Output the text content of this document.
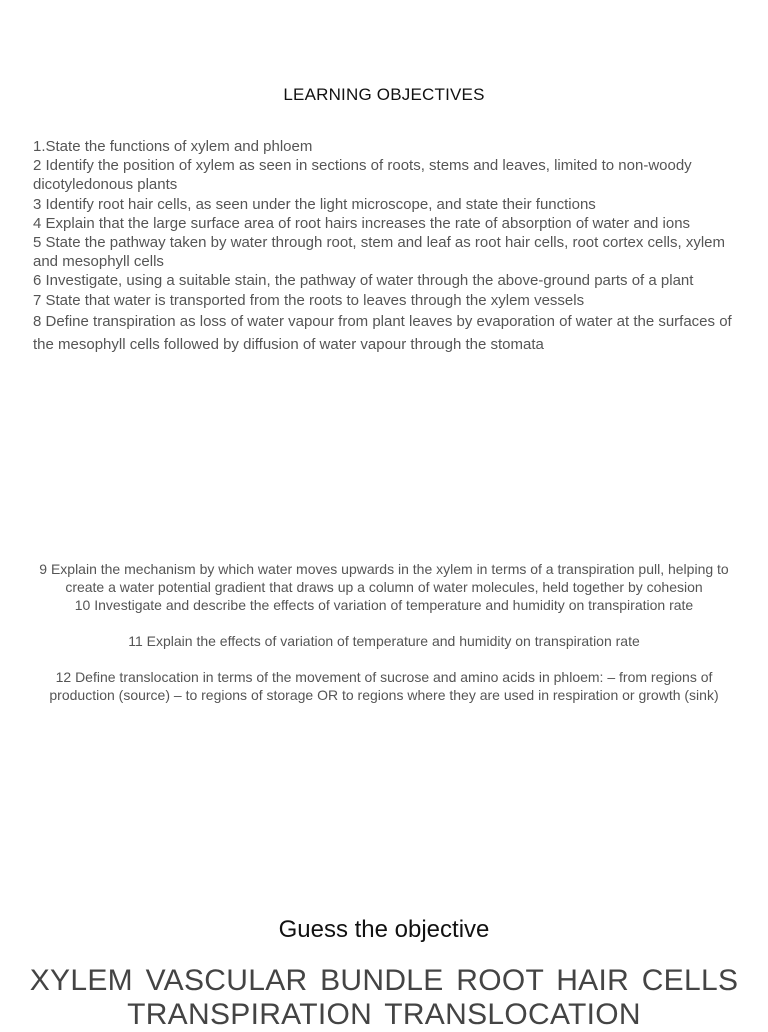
LEARNING OBJECTIVES
1.State the functions of xylem and phloem
2 Identify the position of xylem as seen in sections of roots, stems and leaves, limited to non-woody dicotyledonous plants
3 Identify root hair cells, as seen under the light microscope, and state their functions
4 Explain that the large surface area of root hairs increases the rate of absorption of water and ions
5 State the pathway taken by water through root, stem and leaf as root hair cells, root cortex cells, xylem and mesophyll cells
6 Investigate, using a suitable stain, the pathway of water through the above-ground parts of a plant
7 State that water is transported from the roots to leaves through the xylem vessels
8 Define transpiration as loss of water vapour from plant leaves by evaporation of water at the surfaces of the mesophyll cells followed by diffusion of water vapour through the stomata
9 Explain the mechanism by which water moves upwards in the xylem in terms of a transpiration pull, helping to create a water potential gradient that draws up a column of water molecules, held together by cohesion
10 Investigate and describe the effects of variation of temperature and humidity on transpiration rate
11 Explain the effects of variation of temperature and humidity on transpiration rate
12 Define translocation in terms of the movement of sucrose and amino acids in phloem: – from regions of production (source) – to regions of storage OR to regions where they are used in respiration or growth (sink)
Guess the objective
XYLEM VASCULAR BUNDLE ROOT HAIR CELLS TRANSPIRATION TRANSLOCATION
